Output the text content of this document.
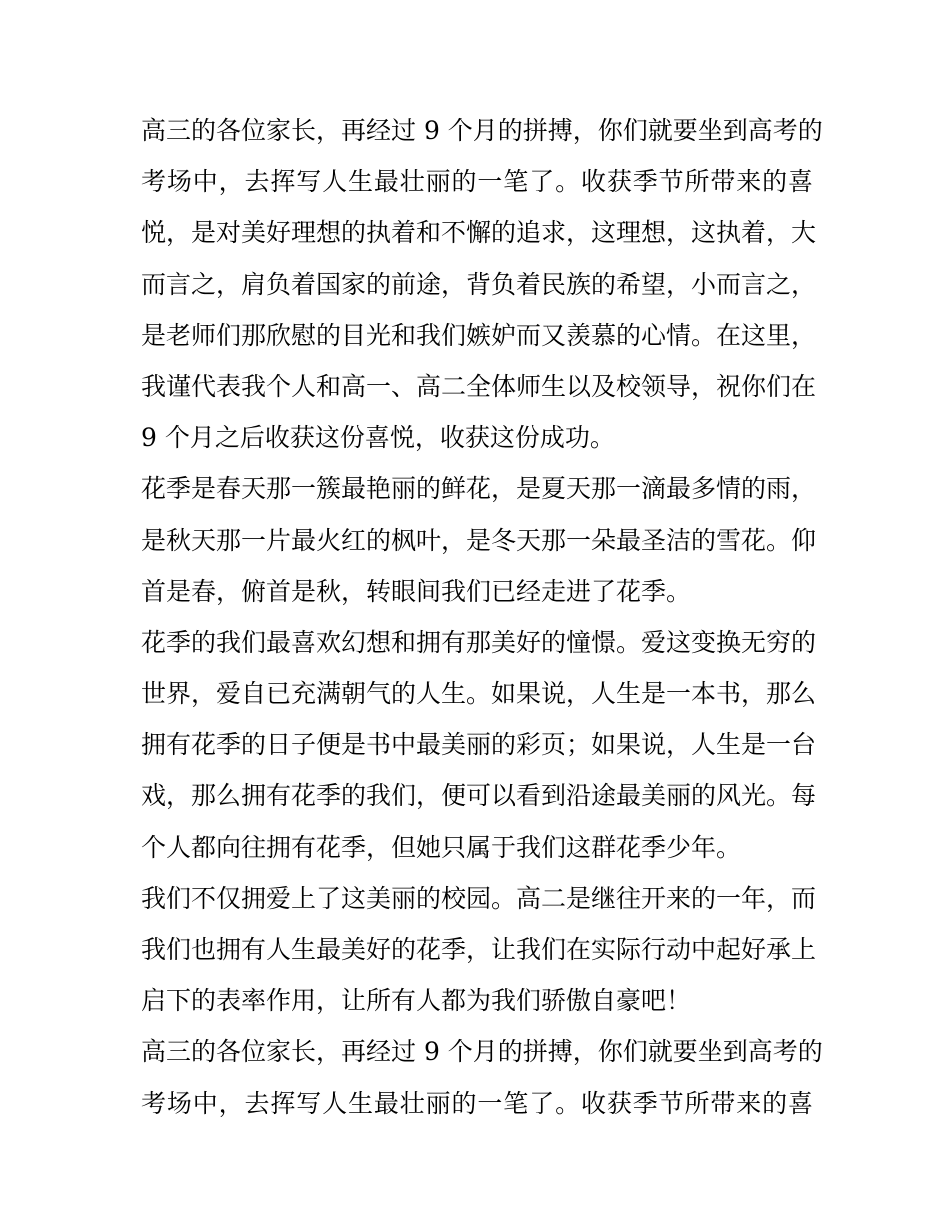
高三的各位家长，再经过 9 个月的拼搏，你们就要坐到高考的
考场中，去挥写人生最壮丽的一笔了。收获季节所带来的喜
悦，是对美好理想的执着和不懈的追求，这理想，这执着，大
而言之，肩负着国家的前途，背负着民族的希望，小而言之，
是老师们那欣慰的目光和我们嫉妒而又羡慕的心情。在这里，
我谨代表我个人和高一、高二全体师生以及校领导，祝你们在
9 个月之后收获这份喜悦，收获这份成功。
花季是春天那一簇最艳丽的鲜花，是夏天那一滴最多情的雨，
是秋天那一片最火红的枫叶，是冬天那一朵最圣洁的雪花。仰
首是春，俯首是秋，转眼间我们已经走进了花季。
花季的我们最喜欢幻想和拥有那美好的憧憬。爱这变换无穷的
世界，爱自已充满朝气的人生。如果说，人生是一本书，那么
拥有花季的日子便是书中最美丽的彩页；如果说，人生是一台
戏，那么拥有花季的我们，便可以看到沿途最美丽的风光。每
个人都向往拥有花季，但她只属于我们这群花季少年。
我们不仅拥爱上了这美丽的校园。高二是继往开来的一年，而
我们也拥有人生最美好的花季，让我们在实际行动中起好承上
启下的表率作用，让所有人都为我们骄傲自豪吧！
高三的各位家长，再经过 9 个月的拼搏，你们就要坐到高考的
考场中，去挥写人生最壮丽的一笔了。收获季节所带来的喜
